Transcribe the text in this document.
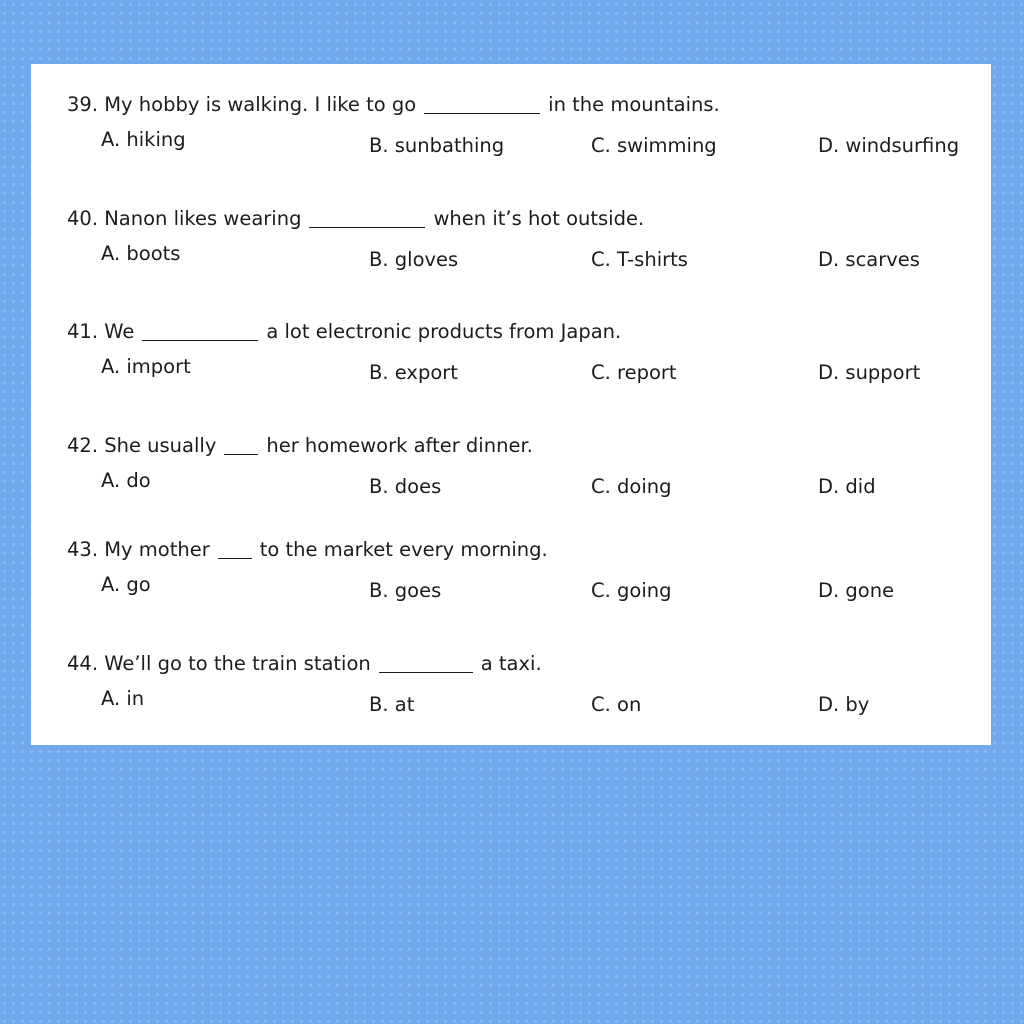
39.
My hobby is walking. I like to go	in the mountains.
A. hiking	B. sunbathing	C. swimming	D. windsurfing
40.
Nanon likes wearing	when it’s hot outside.
A. boots	B. gloves	C. T-shirts	D. scarves
41.
We	a lot electronic products from Japan.
A. import	B. export	C. report	D. support
42.
She usually	her homework after dinner.
A. do	B. does	C. doing	D. did
43.
My mother	to the market every morning.
A. go	B. goes	C. going	D. gone
44.
We’ll go to the train station	a taxi.
A. in	B. at	C. on	D. by
